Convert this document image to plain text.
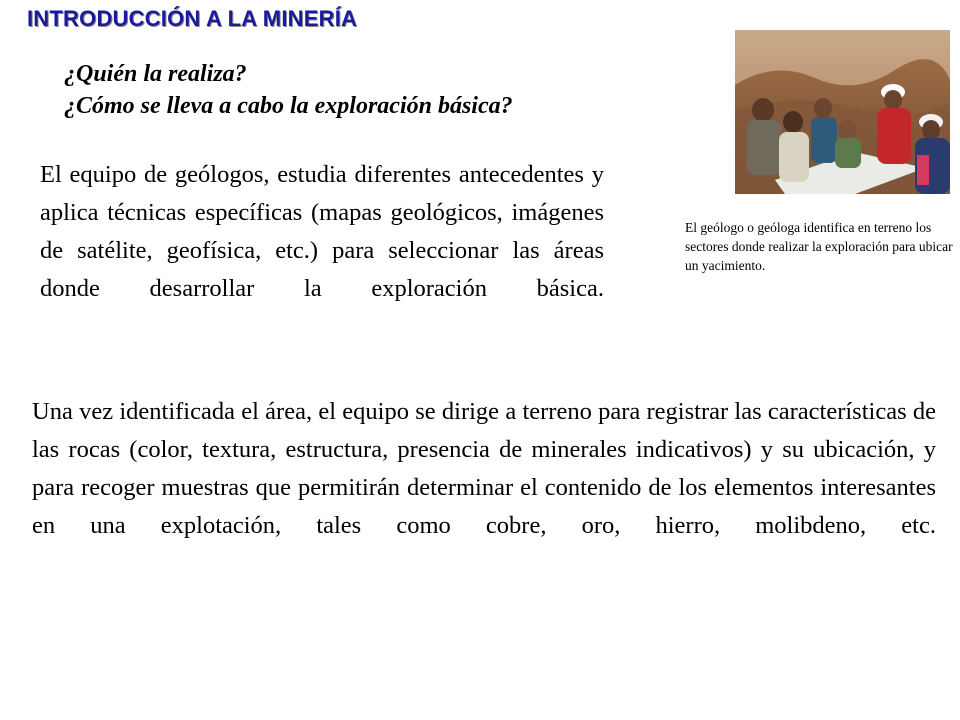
INTRODUCCIÓN A LA MINERÍA
¿Quién la realiza?
¿Cómo se lleva a cabo la exploración básica?
El equipo de geólogos, estudia diferentes antecedentes y aplica técnicas específicas (mapas geológicos, imágenes de satélite, geofísica, etc.) para seleccionar las áreas donde desarrollar la exploración básica.
El geólogo o geóloga identifica en terreno los sectores donde realizar la exploración para ubicar un yacimiento.
Una vez identificada el área, el equipo se dirige a terreno para registrar las características de las rocas (color, textura, estructura, presencia de minerales indicativos) y su ubicación, y para recoger muestras que permitirán determinar el contenido de los elementos interesantes en una explotación, tales como cobre, oro, hierro, molibdeno, etc.
